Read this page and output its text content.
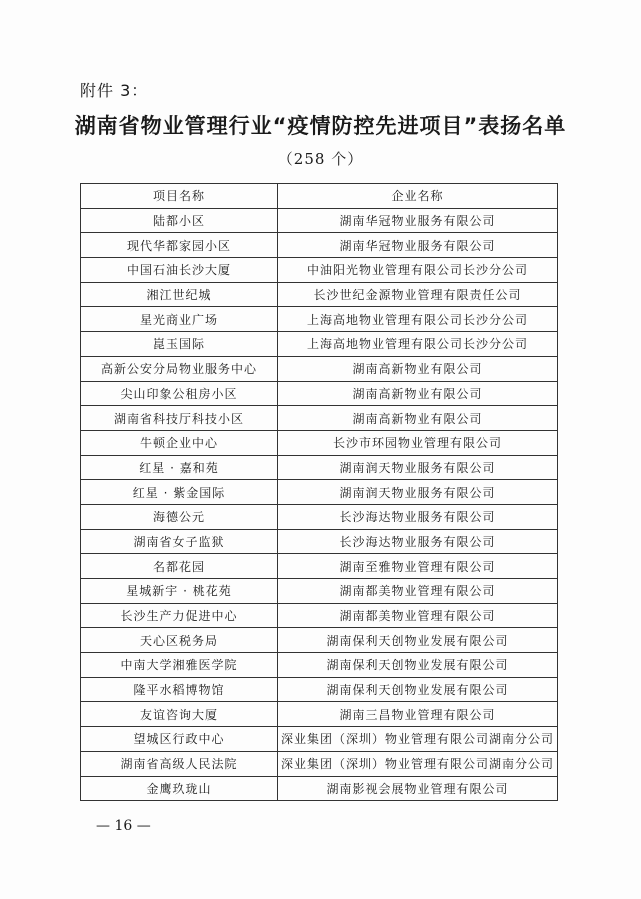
附件 3：
湖南省物业管理行业“疫情防控先进项目”表扬名单
（258 个）
项目名称	企业名称
陆都小区	湖南华冠物业服务有限公司
现代华都家园小区	湖南华冠物业服务有限公司
中国石油长沙大厦	中油阳光物业管理有限公司长沙分公司
湘江世纪城	长沙世纪金源物业管理有限责任公司
星光商业广场	上海高地物业管理有限公司长沙分公司
崑玉国际	上海高地物业管理有限公司长沙分公司
高新公安分局物业服务中心	湖南高新物业有限公司
尖山印象公租房小区	湖南高新物业有限公司
湖南省科技厅科技小区	湖南高新物业有限公司
牛顿企业中心	长沙市环园物业管理有限公司
红星 · 嘉和苑	湖南润天物业服务有限公司
红星 · 紫金国际	湖南润天物业服务有限公司
海德公元	长沙海达物业服务有限公司
湖南省女子监狱	长沙海达物业服务有限公司
名都花园	湖南至雅物业管理有限公司
星城新宇 · 桃花苑	湖南都美物业管理有限公司
长沙生产力促进中心	湖南都美物业管理有限公司
天心区税务局	湖南保利天创物业发展有限公司
中南大学湘雅医学院	湖南保利天创物业发展有限公司
隆平水稻博物馆	湖南保利天创物业发展有限公司
友谊咨询大厦	湖南三昌物业管理有限公司
望城区行政中心	深业集团（深圳）物业管理有限公司湖南分公司
湖南省高级人民法院	深业集团（深圳）物业管理有限公司湖南分公司
金鹰玖珑山	湖南影视会展物业管理有限公司
— 16 —
